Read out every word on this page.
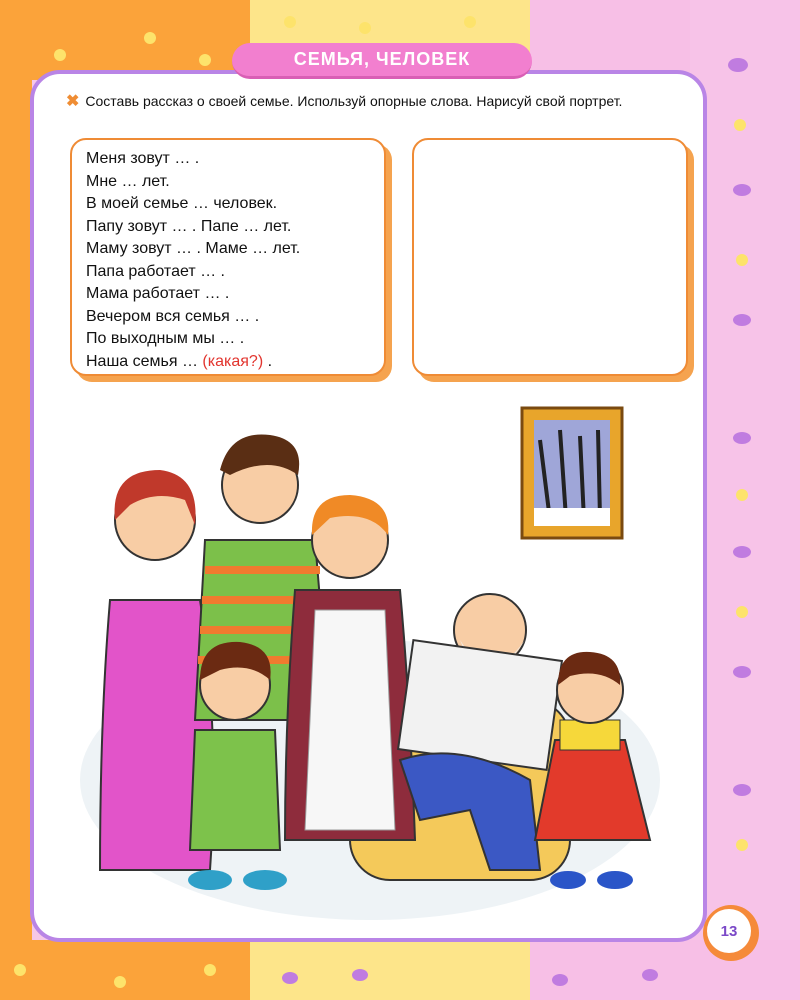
СЕМЬЯ, ЧЕЛОВЕК
✖ Составь рассказ о своей семье. Используй опорные слова. Нарисуй свой портрет.
Меня зовут … .
Мне … лет.
В моей семье … человек.
Папу зовут … . Папе … лет.
Маму зовут … . Маме … лет.
Папа работает … .
Мама работает … .
Вечером вся семья … .
По выходным мы … .
Наша семья … (какая?) .
13
